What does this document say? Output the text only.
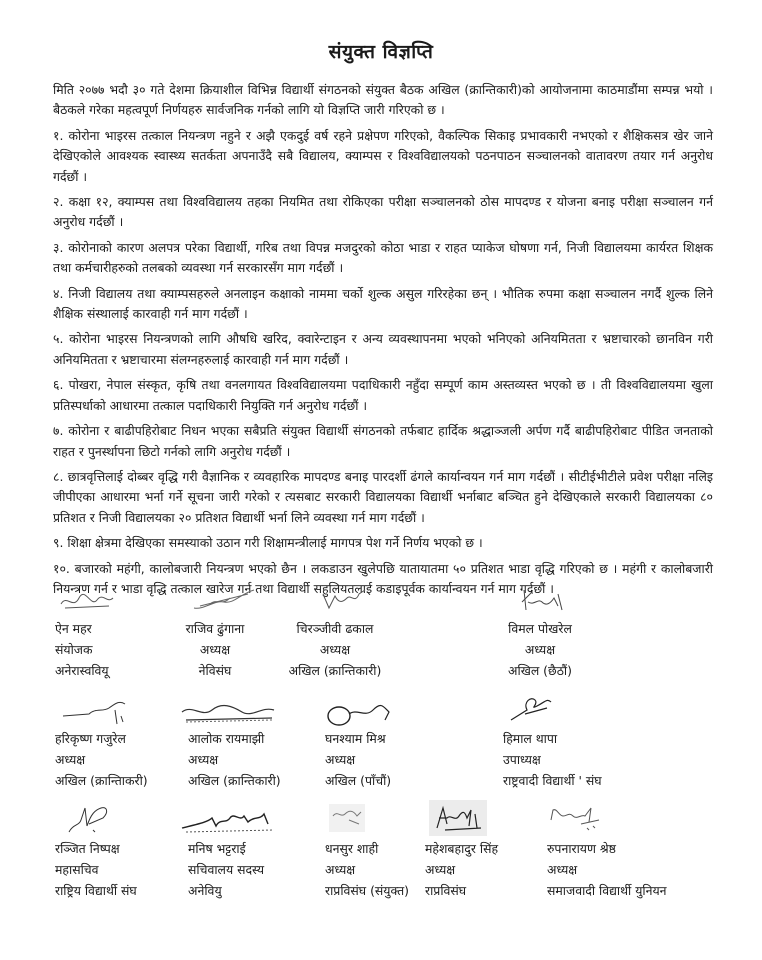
संयुक्त विज्ञप्ति

मिति २०७७ भदौ ३० गते देशमा क्रियाशील विभिन्न विद्यार्थी संगठनको संयुक्त बैठक अखिल (क्रान्तिकारी)को आयोजनामा काठमाडौंमा सम्पन्न भयो । बैठकले गरेका महत्वपूर्ण निर्णयहरु सार्वजनिक गर्नको लागि यो विज्ञप्ति जारी गरिएको छ ।

१. कोरोना भाइरस तत्काल नियन्त्रण नहुने र अझै एकदुई वर्ष रहने प्रक्षेपण गरिएको, वैकल्पिक सिकाइ प्रभावकारी नभएको र शैक्षिकसत्र खेर जाने देखिएकोले आवश्यक स्वास्थ्य सतर्कता अपनाउँदै सबै विद्यालय, क्याम्पस र विश्वविद्यालयको पठनपाठन सञ्चालनको वातावरण तयार गर्न अनुरोध गर्दछौं ।

२. कक्षा १२, क्याम्पस तथा विश्वविद्यालय तहका नियमित तथा रोकिएका परीक्षा सञ्चालनको ठोस मापदण्ड र योजना बनाइ परीक्षा सञ्चालन गर्न अनुरोध गर्दछौं ।

३. कोरोनाको कारण अलपत्र परेका विद्यार्थी, गरिब तथा विपन्न मजदुरको कोठा भाडा र राहत प्याकेज घोषणा गर्न, निजी विद्यालयमा कार्यरत शिक्षक तथा कर्मचारीहरुको तलबको व्यवस्था गर्न सरकारसँग माग गर्दछौं ।

४. निजी विद्यालय तथा क्याम्पसहरुले अनलाइन कक्षाको नाममा चर्को शुल्क असुल गरिरहेका छन् । भौतिक रुपमा कक्षा सञ्चालन नगर्दै शुल्क लिने शैक्षिक संस्थालाई कारवाही गर्न माग गर्दछौं ।

५. कोरोना भाइरस नियन्त्रणको लागि औषधि खरिद, क्वारेन्टाइन र अन्य व्यवस्थापनमा भएको भनिएको अनियमितता र भ्रष्टाचारको छानविन गरी अनियमितता र भ्रष्टाचारमा संलग्नहरुलाई कारवाही गर्न माग गर्दछौं ।

६. पोखरा, नेपाल संस्कृत, कृषि तथा वनलगायत विश्वविद्यालयमा पदाधिकारी नहुँदा सम्पूर्ण काम अस्तव्यस्त भएको छ । ती विश्वविद्यालयमा खुला प्रतिस्पर्धाको आधारमा तत्काल पदाधिकारी नियुक्ति गर्न अनुरोध गर्दछौं ।

७. कोरोना र बाढीपहिरोबाट निधन भएका सबैप्रति संयुक्त विद्यार्थी संगठनको तर्फबाट हार्दिक श्रद्धाञ्जली अर्पण गर्दै बाढीपहिरोबाट पीडित जनताको राहत र पुनर्स्थापना छिटो गर्नको लागि अनुरोध गर्दछौं ।

८. छात्रवृत्तिलाई दोब्बर वृद्धि गरी वैज्ञानिक र व्यवहारिक मापदण्ड बनाइ पारदर्शी ढंगले कार्यान्वयन गर्न माग गर्दछौं । सीटीईभीटीले प्रवेश परीक्षा नलिइ जीपीएका आधारमा भर्ना गर्ने सूचना जारी गरेको र त्यसबाट सरकारी विद्यालयका विद्यार्थी भर्नाबाट बञ्चित हुने देखिएकाले सरकारी विद्यालयका ८० प्रतिशत र निजी विद्यालयका २० प्रतिशत विद्यार्थी भर्ना लिने व्यवस्था गर्न माग गर्दछौं ।

९. शिक्षा क्षेत्रमा देखिएका समस्याको उठान गरी शिक्षामन्त्रीलाई मागपत्र पेश गर्ने निर्णय भएको छ ।

१०. बजारको महंगी, कालोबजारी नियन्त्रण भएको छैन । लकडाउन खुलेपछि यातायातमा ५० प्रतिशत भाडा वृद्धि गरिएको छ । महंगी र कालोबजारी नियन्त्रण गर्न र भाडा वृद्धि तत्काल खारेज गर्न तथा विद्यार्थी सहुलियतलाई कडाइपूर्वक कार्यान्वयन गर्न माग गर्दछौं ।

ऐन महर
संयोजक
अनेरास्ववियू
राजिव ढुंगाना
अध्यक्ष
नेविसंघ
चिरञ्जीवी ढकाल
अध्यक्ष
अखिल (क्रान्तिकारी)
विमल पोखरेल
अध्यक्ष
अखिल (छैठौं)
हरिकृष्ण गजुरेल
अध्यक्ष
अखिल (क्रान्तिाकरी)
आलोक रायमाझी
अध्यक्ष
अखिल (क्रान्तिकारी)
घनश्याम मिश्र
अध्यक्ष
अखिल (पाँचौं)
हिमाल थापा
उपाध्यक्ष
राष्ट्रवादी विद्यार्थी ' संघ
रञ्जित निष्पक्ष
महासचिव
राष्ट्रिय विद्यार्थी संघ
मनिष भट्टराई
सचिवालय सदस्य
अनेवियु
धनसुर शाही
अध्यक्ष
राप्रविसंघ (संयुक्त)
महेशबहादुर सिंह
अध्यक्ष
राप्रविसंघ
रुपनारायण श्रेष्ठ
अध्यक्ष
समाजवादी विद्यार्थी युनियन
